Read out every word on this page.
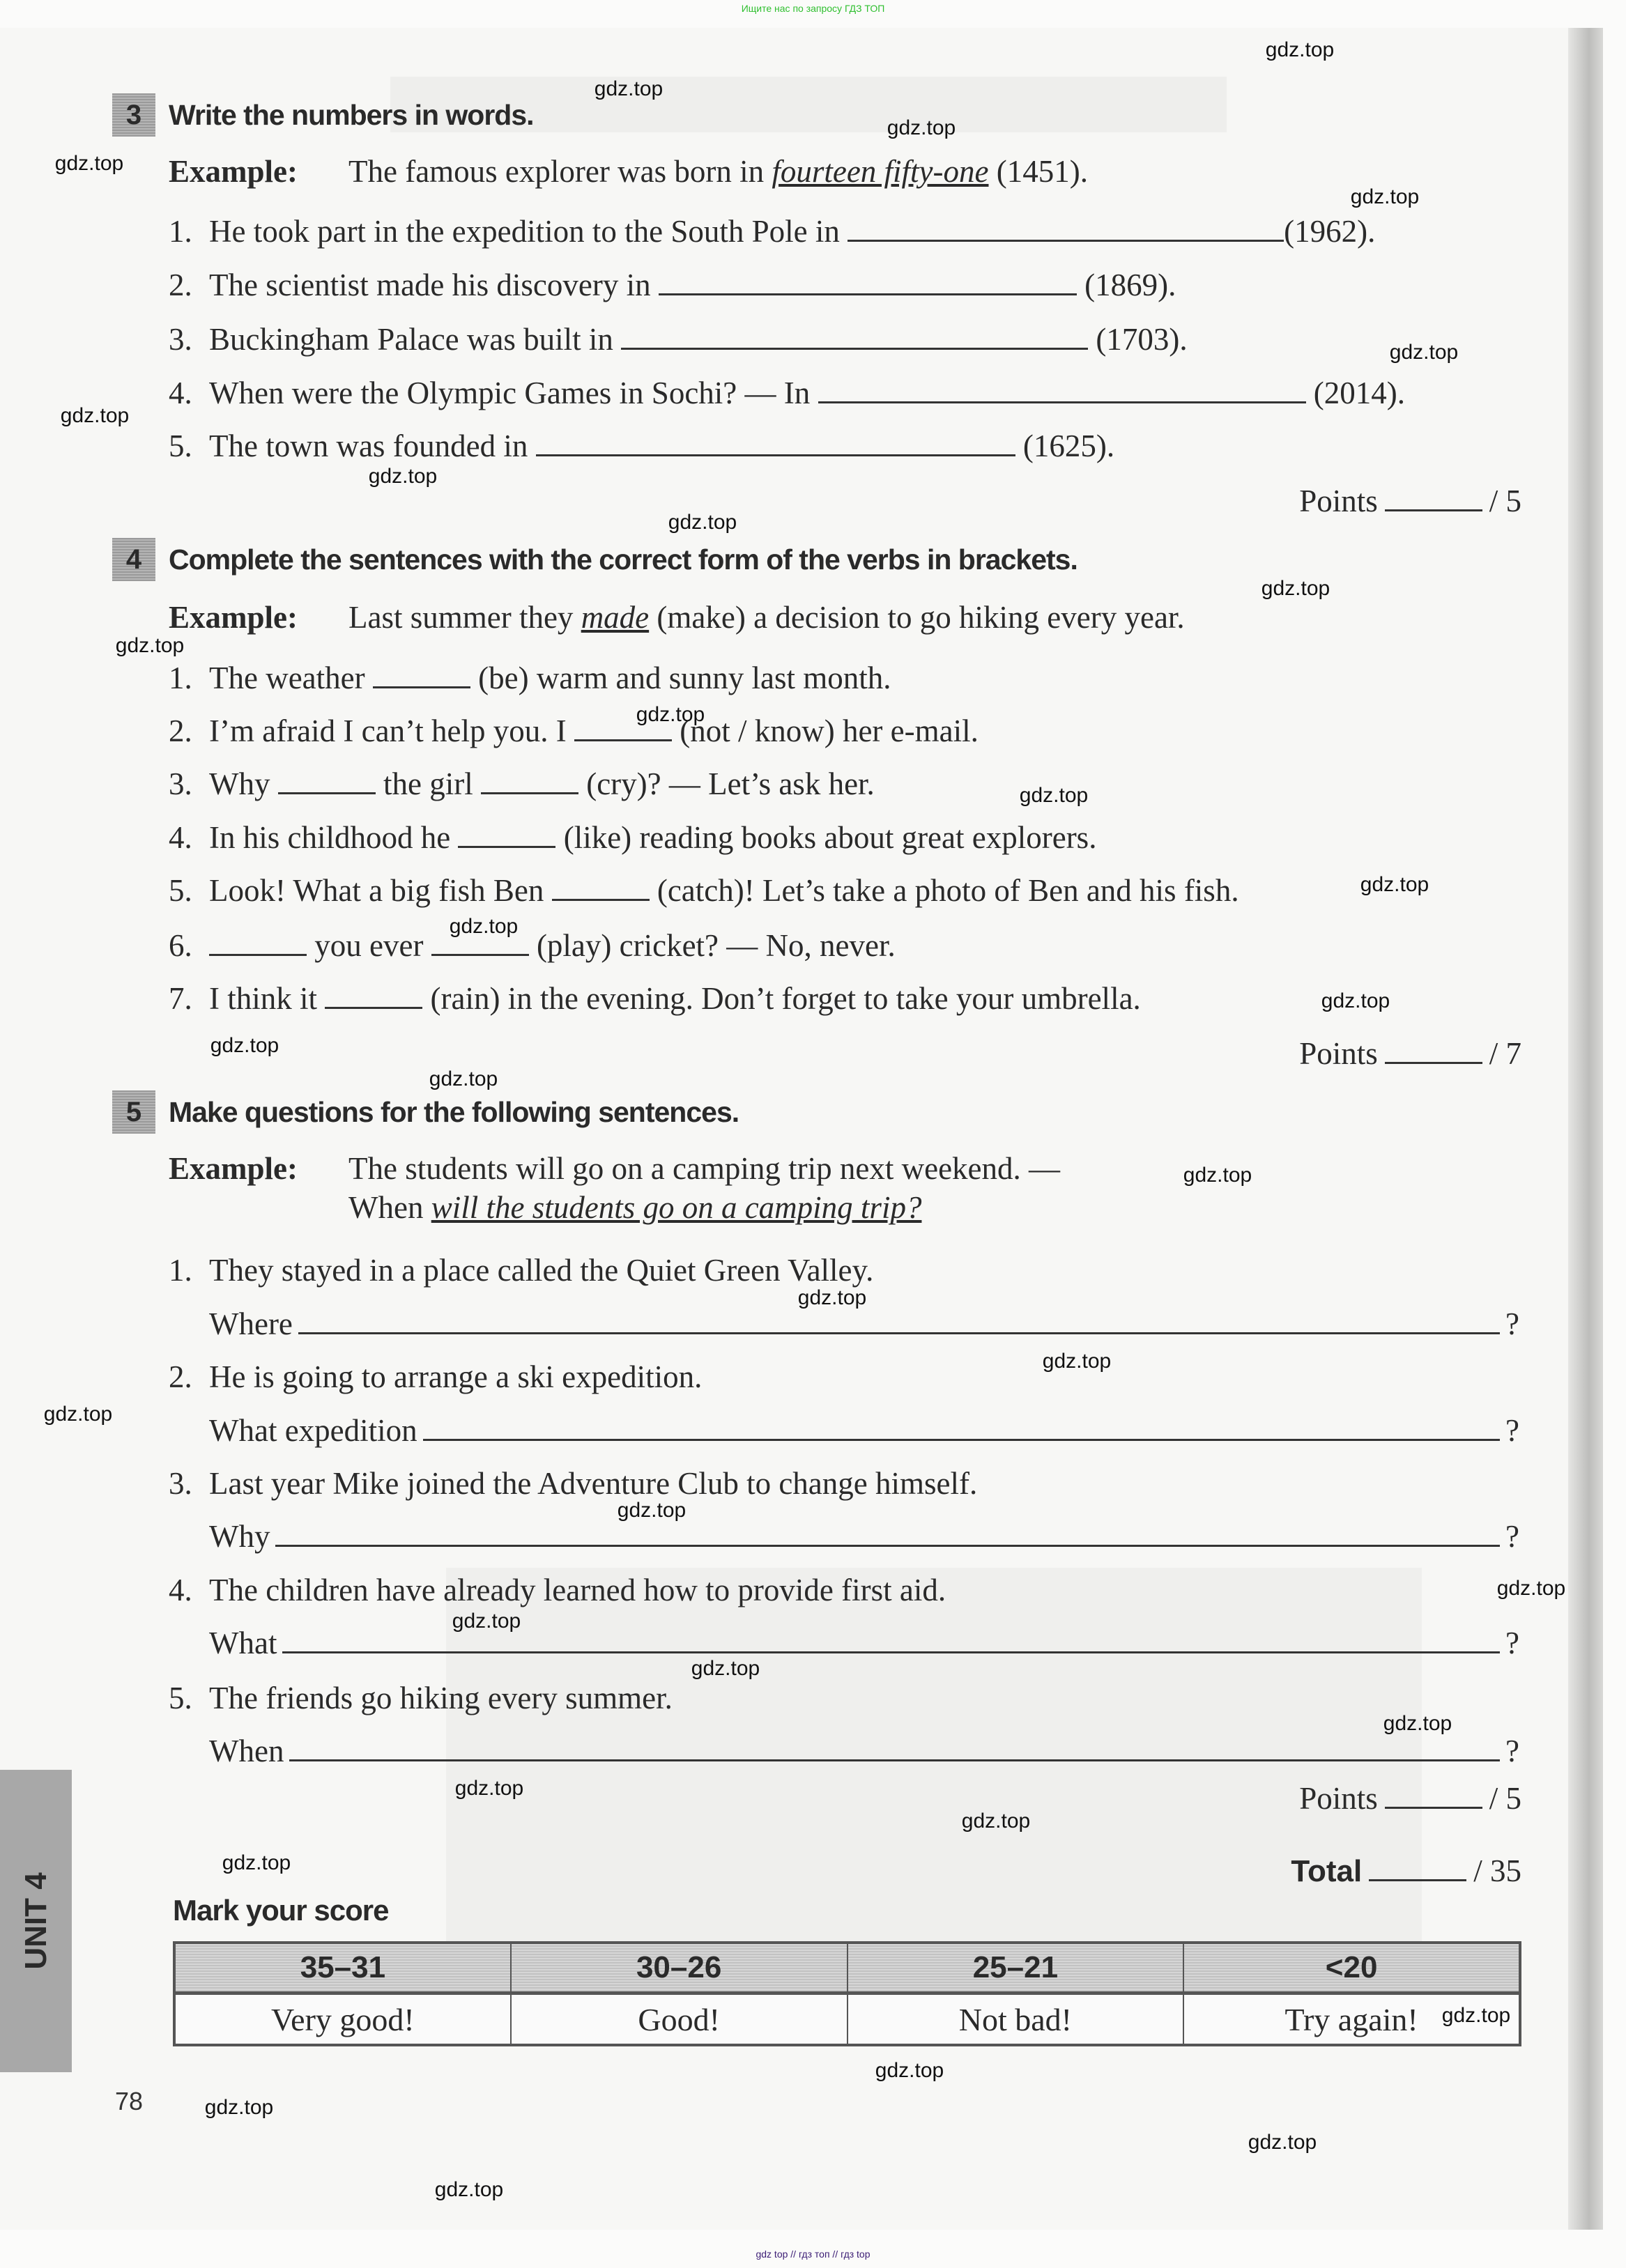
Ищите нас по запросу ГДЗ ТОП
3 Write the numbers in words.
Example: The famous explorer was born in fourteen fifty-one (1451).
1. He took part in the expedition to the South Pole in	(1962).
2. The scientist made his discovery in	(1869).
3. Buckingham Palace was built in	(1703).
4. When were the Olympic Games in Sochi? — In	(2014).
5. The town was founded in	(1625).
Points	/ 5
4 Complete the sentences with the correct form of the verbs in brackets.
Example: Last summer they made (make) a decision to go hiking every year.
1. The weather	(be) warm and sunny last month.
2. I’m afraid I can’t help you. I	(not / know) her e-mail.
3. Why	the girl	(cry)? — Let’s ask her.
4. In his childhood he	(like) reading books about great explorers.
5. Look! What a big fish Ben	(catch)! Let’s take a photo of Ben and his fish.
6.	you ever	(play) cricket? — No, never.
7. I think it	(rain) in the evening. Don’t forget to take your umbrella.
Points	/ 7
5 Make questions for the following sentences.
Example: The students will go on a camping trip next weekend. —
When will the students go on a camping trip?
1. They stayed in a place called the Quiet Green Valley.
Where	?
2. He is going to arrange a ski expedition.
What expedition	?
3. Last year Mike joined the Adventure Club to change himself.
Why	?
4. The children have already learned how to provide first aid.
What	?
5. The friends go hiking every summer.
When	?
Points	/ 5
Total	/ 35
Mark your score
35–31	30–26	25–21	<20
Very good!	Good!	Not bad!	Try again!
UNIT 4
78
gdz.top
gdz.top
gdz.top
gdz.top
gdz.top
gdz.top
gdz.top
gdz.top
gdz.top
gdz.top
gdz.top
gdz.top
gdz.top
gdz.top
gdz.top
gdz.top
gdz.top
gdz.top
gdz.top
gdz.top
gdz.top
gdz.top
gdz.top
gdz.top
gdz.top
gdz.top
gdz.top
gdz.top
gdz.top
gdz.top
gdz.top
gdz.top
gdz.top
gdz.top
gdz.top
gdz top // гдз топ // гдз top
